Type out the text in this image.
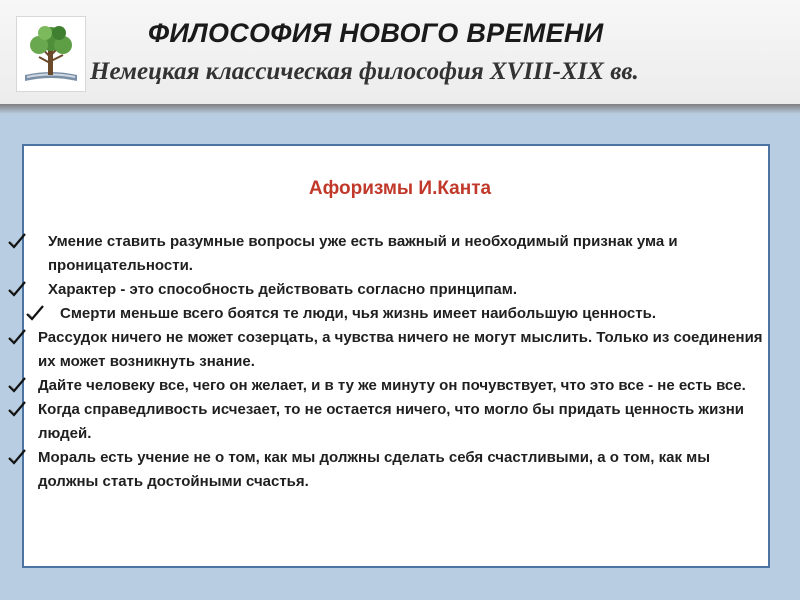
ФИЛОСОФИЯ НОВОГО ВРЕМЕНИ
Немецкая классическая философия XVIII-XIX вв.
Афоризмы И.Канта
Умение ставить разумные вопросы уже есть важный и необходимый признак ума и проницательности.
Характер - это способность действовать согласно принципам.
Смерти меньше всего боятся те люди, чья жизнь имеет наибольшую ценность.
Рассудок ничего не может созерцать, а чувства ничего не могут мыслить. Только из соединения их может возникнуть знание.
Дайте человеку все, чего он желает, и в ту же минуту он почувствует, что это все - не есть все.
Когда справедливость исчезает, то не остается ничего, что могло бы придать ценность жизни людей.
Мораль есть учение не о том, как мы должны сделать себя счастливыми, а о том, как мы должны стать достойными счастья.
